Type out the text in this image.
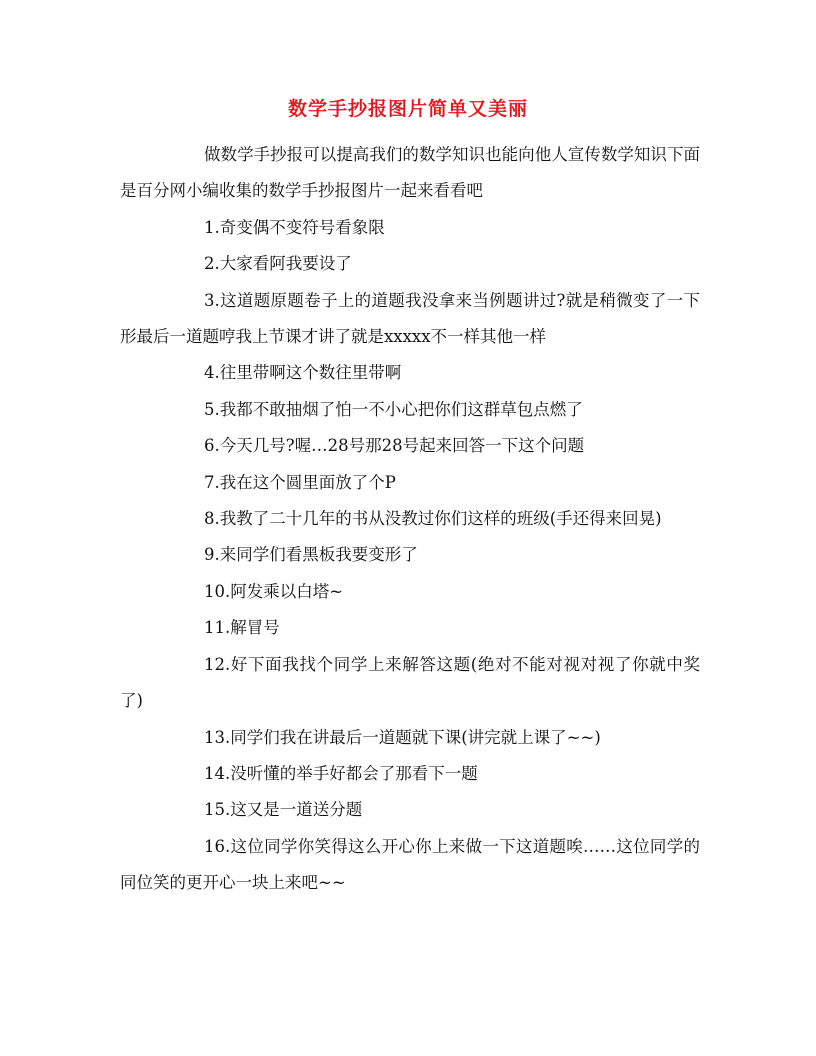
数学手抄报图片简单又美丽

做数学手抄报可以提高我们的数学知识也能向他人宣传数学知识下面是百分网小编收集的数学手抄报图片一起来看看吧

1.奇变偶不变符号看象限

2.大家看阿我要设了

3.这道题原题卷子上的道题我没拿来当例题讲过?就是稍微变了一下形最后一道题哼我上节课才讲了就是xxxxx不一样其他一样

4.往里带啊这个数往里带啊

5.我都不敢抽烟了怕一不小心把你们这群草包点燃了

6.今天几号?喔…28号那28号起来回答一下这个问题

7.我在这个圆里面放了个P

8.我教了二十几年的书从没教过你们这样的班级(手还得来回晃)

9.来同学们看黑板我要变形了

10.阿发乘以白塔~

11.解冒号

12.好下面我找个同学上来解答这题(绝对不能对视对视了你就中奖了)

13.同学们我在讲最后一道题就下课(讲完就上课了~~)

14.没听懂的举手好都会了那看下一题

15.这又是一道送分题

16.这位同学你笑得这么开心你上来做一下这道题唉……这位同学的同位笑的更开心一块上来吧~~
